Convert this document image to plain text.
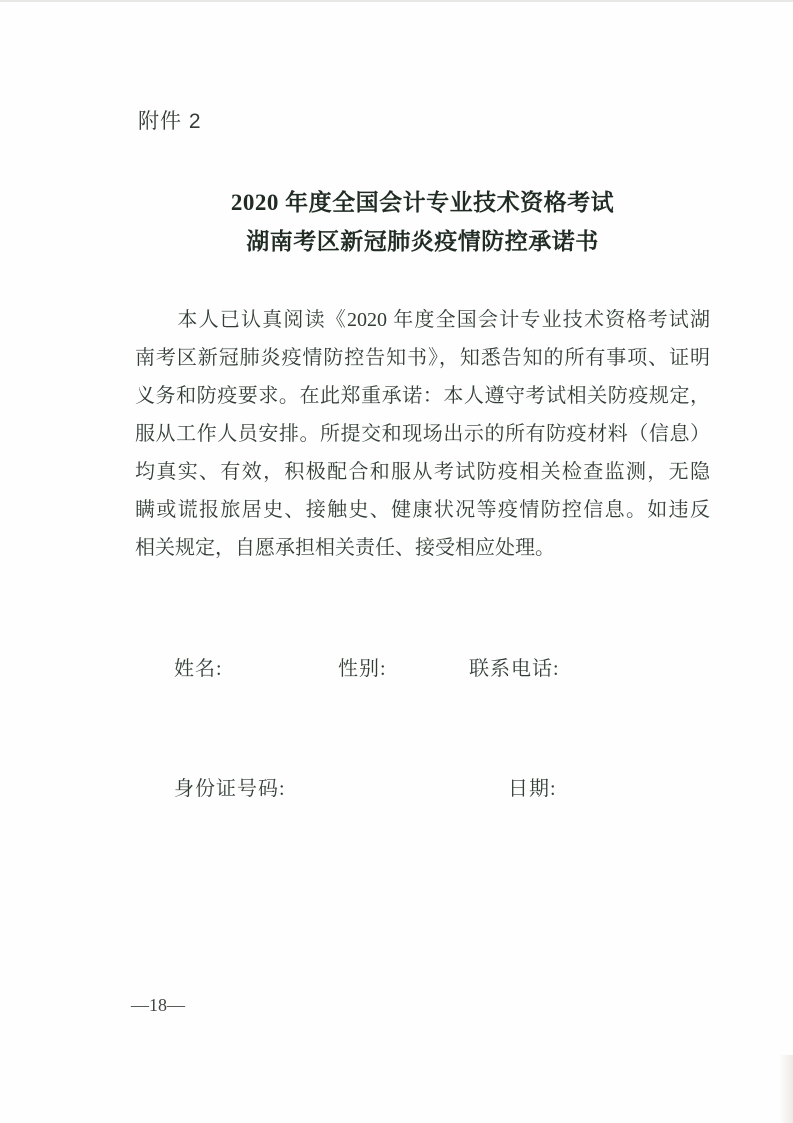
附件 2
2020 年度全国会计专业技术资格考试
湖南考区新冠肺炎疫情防控承诺书
　　本人已认真阅读《2020 年度全国会计专业技术资格考试湖
南考区新冠肺炎疫情防控告知书》，知悉告知的所有事项、证明
义务和防疫要求。在此郑重承诺：本人遵守考试相关防疫规定，
服从工作人员安排。所提交和现场出示的所有防疫材料（信息）
均真实、有效，积极配合和服从考试防疫相关检查监测，无隐
瞒或谎报旅居史、接触史、健康状况等疫情防控信息。如违反
相关规定，自愿承担相关责任、接受相应处理。
姓名:	性别:	联系电话:
身份证号码:	日期:
—18—
